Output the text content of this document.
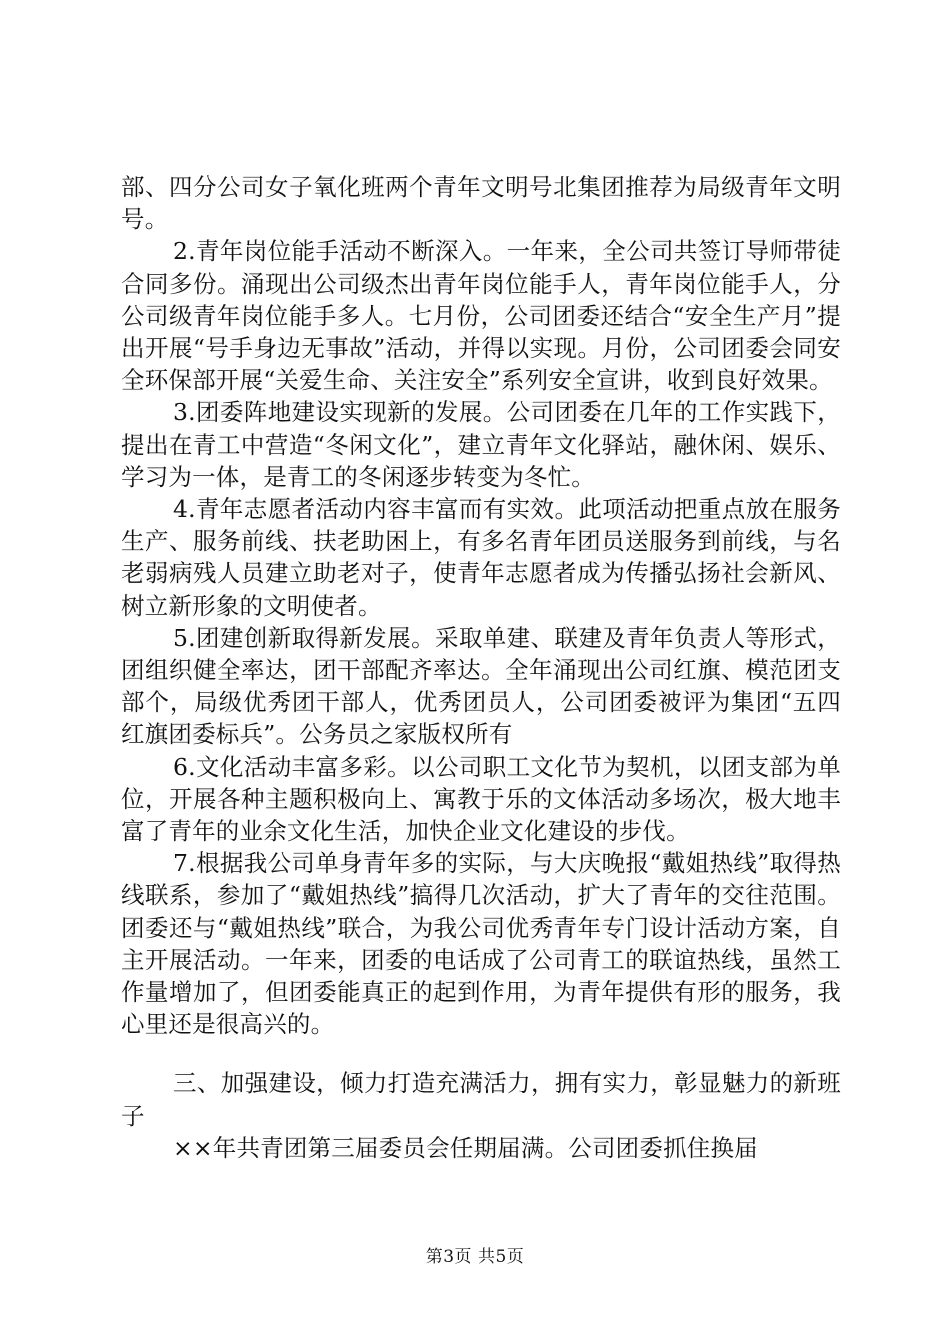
部、四分公司女子氧化班两个青年文明号北集团推荐为局级青年文明号。

2.青年岗位能手活动不断深入。一年来，全公司共签订导师带徒合同多份。涌现出公司级杰出青年岗位能手人，青年岗位能手人，分公司级青年岗位能手多人。七月份，公司团委还结合“安全生产月”提出开展“号手身边无事故”活动，并得以实现。月份，公司团委会同安全环保部开展“关爱生命、关注安全”系列安全宣讲，收到良好效果。

3.团委阵地建设实现新的发展。公司团委在几年的工作实践下，提出在青工中营造“冬闲文化”，建立青年文化驿站，融休闲、娱乐、学习为一体，是青工的冬闲逐步转变为冬忙。

4.青年志愿者活动内容丰富而有实效。此项活动把重点放在服务生产、服务前线、扶老助困上，有多名青年团员送服务到前线，与名老弱病残人员建立助老对子，使青年志愿者成为传播弘扬社会新风、树立新形象的文明使者。

5.团建创新取得新发展。采取单建、联建及青年负责人等形式，团组织健全率达，团干部配齐率达。全年涌现出公司红旗、模范团支部个，局级优秀团干部人，优秀团员人，公司团委被评为集团“五四红旗团委标兵”。公务员之家版权所有

6.文化活动丰富多彩。以公司职工文化节为契机，以团支部为单位，开展各种主题积极向上、寓教于乐的文体活动多场次，极大地丰富了青年的业余文化生活，加快企业文化建设的步伐。

7.根据我公司单身青年多的实际，与大庆晚报“戴姐热线”取得热线联系，参加了“戴姐热线”搞得几次活动，扩大了青年的交往范围。团委还与“戴姐热线”联合，为我公司优秀青年专门设计活动方案，自主开展活动。一年来，团委的电话成了公司青工的联谊热线，虽然工作量增加了，但团委能真正的起到作用，为青年提供有形的服务，我心里还是很高兴的。

三、加强建设，倾力打造充满活力，拥有实力，彰显魅力的新班子

××年共青团第三届委员会任期届满。公司团委抓住换届

第3页 共5页
